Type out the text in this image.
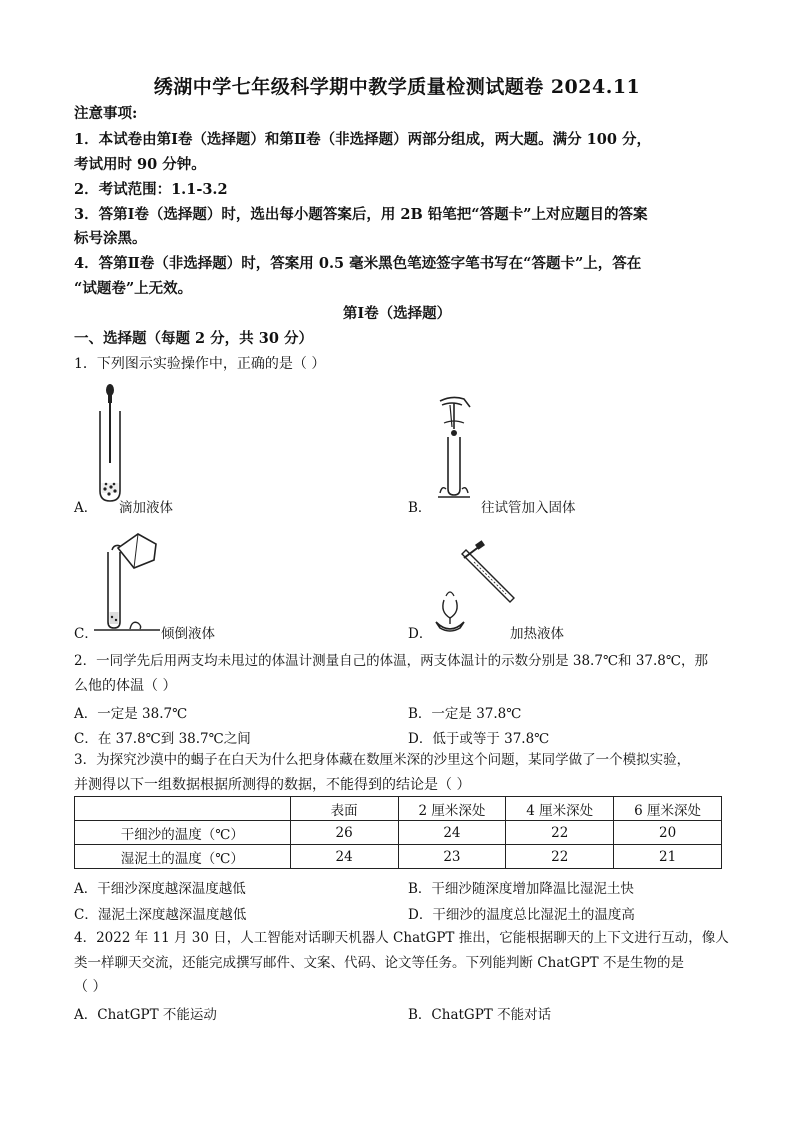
绣湖中学七年级科学期中教学质量检测试题卷 2024.11
注意事项:
1．本试卷由第Ⅰ卷（选择题）和第Ⅱ卷（非选择题）两部分组成，两大题。满分 100 分，
考试用时 90 分钟。
2．考试范围：1.1-3.2
3．答第Ⅰ卷（选择题）时，选出每小题答案后，用 2B 铅笔把“答题卡”上对应题目的答案
标号涂黑。
4．答第Ⅱ卷（非选择题）时，答案用 0.5 毫米黑色笔迹签字笔书写在“答题卡”上，答在
“试题卷”上无效。
第Ⅰ卷（选择题）
一、选择题（每题 2 分，共 30 分）
1．下列图示实验操作中，正确的是（ ）
A． 滴加液体	B．	往试管加入固体
C．	倾倒液体	D．	加热液体
2．一同学先后用两支均未甩过的体温计测量自己的体温，两支体温计的示数分别是 38.7℃和 37.8℃，那
么他的体温（ ）
A．一定是 38.7℃	B．一定是 37.8℃
C．在 37.8℃到 38.7℃之间	D．低于或等于 37.8℃
3．为探究沙漠中的蝎子在白天为什么把身体藏在数厘米深的沙里这个问题，某同学做了一个模拟实验，
并测得以下一组数据根据所测得的数据，不能得到的结论是（ ）
	表面	2 厘米深处	4 厘米深处	6 厘米深处
干细沙的温度（℃）	26	24	22	20
湿泥土的温度（℃）	24	23	22	21
A．干细沙深度越深温度越低	B．干细沙随深度增加降温比湿泥土快
C．湿泥土深度越深温度越低	D．干细沙的温度总比湿泥土的温度高
4．2022 年 11 月 30 日，人工智能对话聊天机器人 ChatGPT 推出，它能根据聊天的上下文进行互动，像人
类一样聊天交流，还能完成撰写邮件、文案、代码、论文等任务。下列能判断 ChatGPT 不是生物的是
（ ）
A．ChatGPT 不能运动	B．ChatGPT 不能对话
